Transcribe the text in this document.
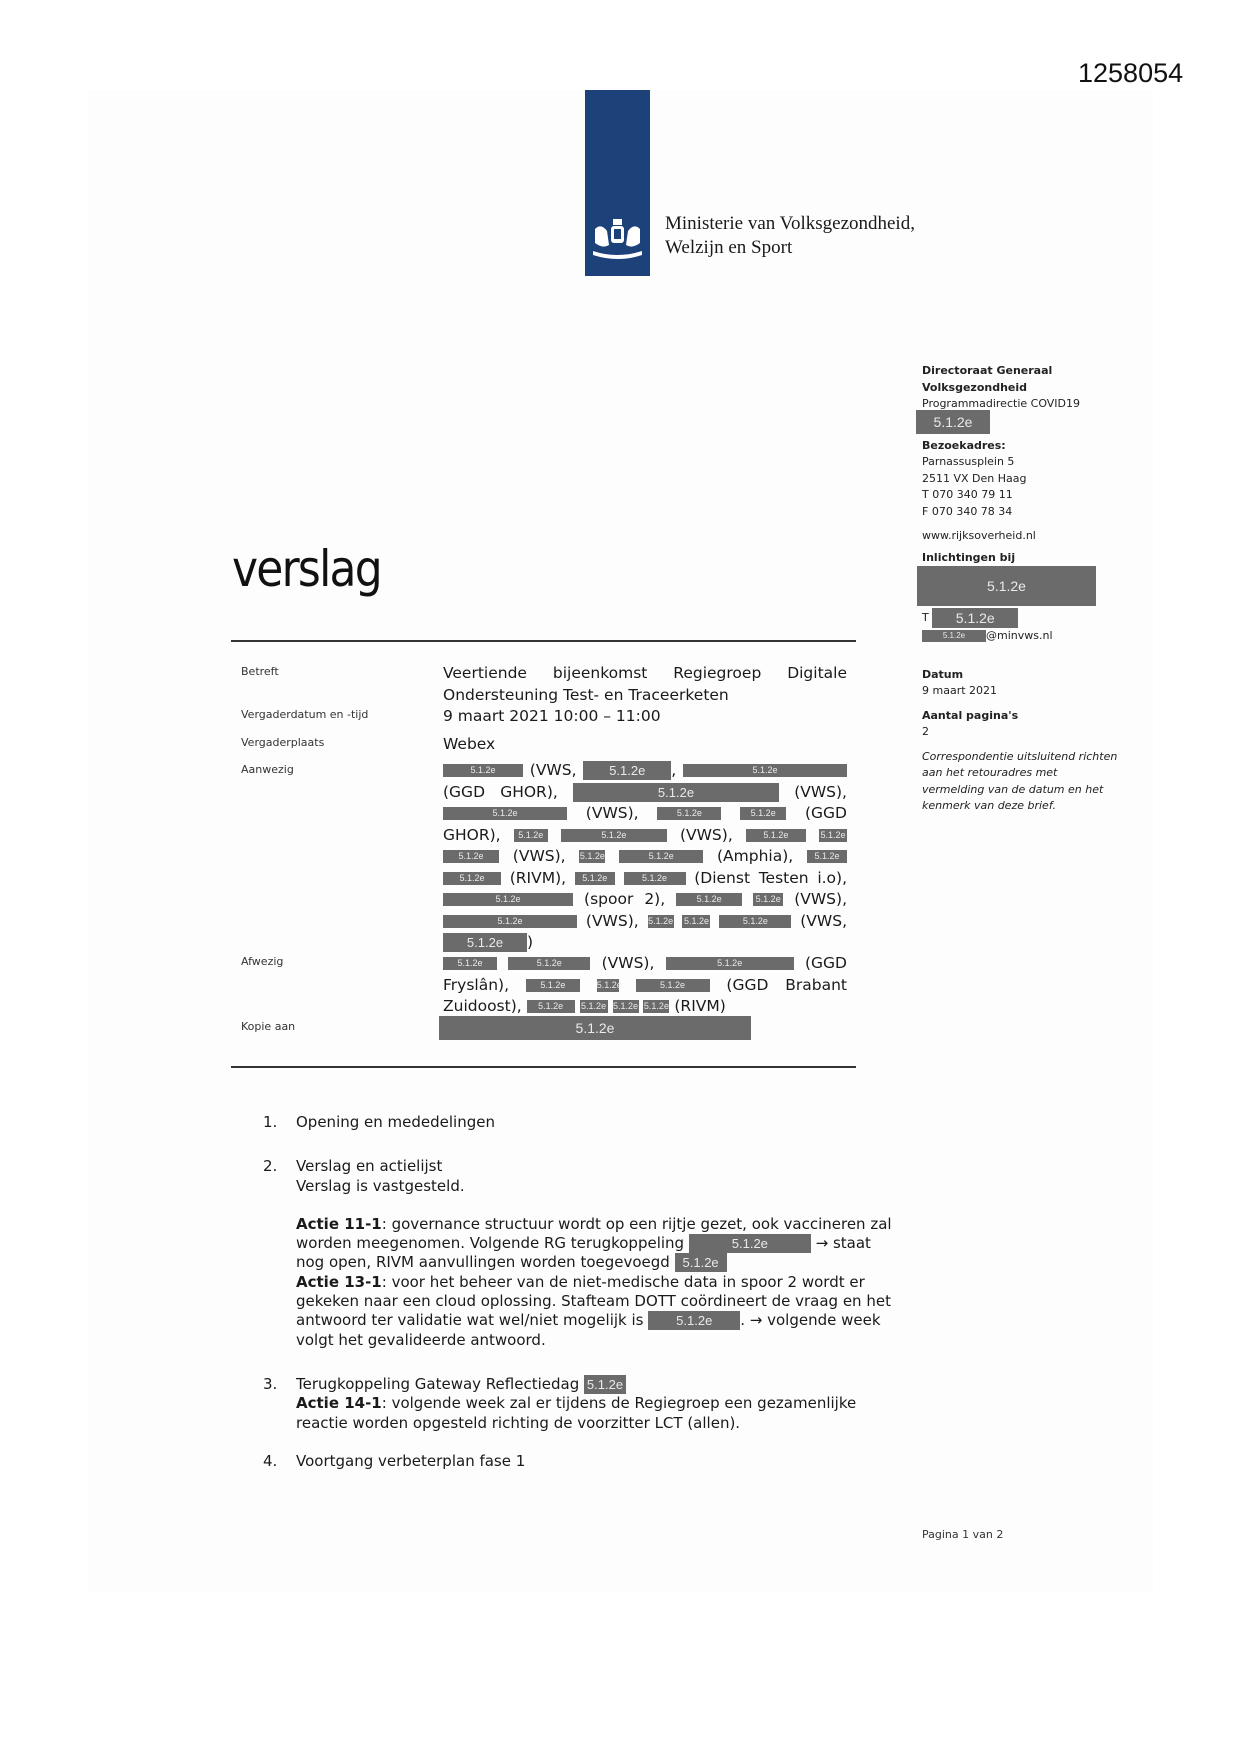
1258054
Ministerie van Volksgezondheid,
Welzijn en Sport
Directoraat Generaal
Volksgezondheid
Programmadirectie COVID19
5.1.2e
Bezoekadres:
Parnassusplein 5
2511 VX Den Haag
T 070 340 79 11
F 070 340 78 34
www.rijksoverheid.nl
Inlichtingen bij
5.1.2e
T 5.1.2e
5.1.2e @minvws.nl
Datum
9 maart 2021
Aantal pagina's
2
Correspondentie uitsluitend richten aan het retouradres met vermelding van de datum en het kenmerk van deze brief.
verslag
Betreft	Veertiende bijeenkomst Regiegroep Digitale Ondersteuning Test- en Traceerketen
Vergaderdatum en -tijd	9 maart 2021 10:00 – 11:00
Vergaderplaats	Webex
Aanwezig	5.1.2e (VWS,	5.1.2e ,	5.1.2e (GGD GHOR),	5.1.2e	(VWS), 5.1.2e	(VWS),	5.1.2e	5.1.2e (GGD GHOR), 5.1.2e	5.1.2e	(VWS),	5.1.2e	5.1.2e 5.1.2e (VWS), 5.1.2e	5.1.2e	(Amphia), 5.1.2e 5.1.2e (RIVM), 5.1.2e	5.1.2e (Dienst Testen i.o), 5.1.2e	(spoor 2),	5.1.2e	5.1.2e (VWS), 5.1.2e	(VWS), 5.1.2e 5.1.2e	5.1.2e (VWS, 5.1.2e )
Afwezig	5.1.2e	5.1.2e	(VWS),	5.1.2e	(GGD Fryslân),	5.1.2e	5.1.2e	5.1.2e	(GGD Brabant Zuidoost), 5.1.2e 5.1.2e 5.1.2e 5.1.2e (RIVM)
Kopie aan	5.1.2e
1. Opening en mededelingen

2. Verslag en actielijst

Verslag is vastgesteld.

Actie 11-1: governance structuur wordt op een rijtje gezet, ook vaccineren zal worden meegenomen. Volgende RG terugkoppeling	5.1.2e	→ staat nog open, RIVM aanvullingen worden toegevoegd 5.1.2e
Actie 13-1: voor het beheer van de niet-medische data in spoor 2 wordt er gekeken naar een cloud oplossing. Stafteam DOTT coördineert de vraag en het antwoord ter validatie wat wel/niet mogelijk is	5.1.2e . → volgende week volgt het gevalideerde antwoord.

3. Terugkoppeling Gateway Reflectiedag 5.1.2e

Actie 14-1: volgende week zal er tijdens de Regiegroep een gezamenlijke reactie worden opgesteld richting de voorzitter LCT (allen).

4. Voortgang verbeterplan fase 1

Pagina 1 van 2
